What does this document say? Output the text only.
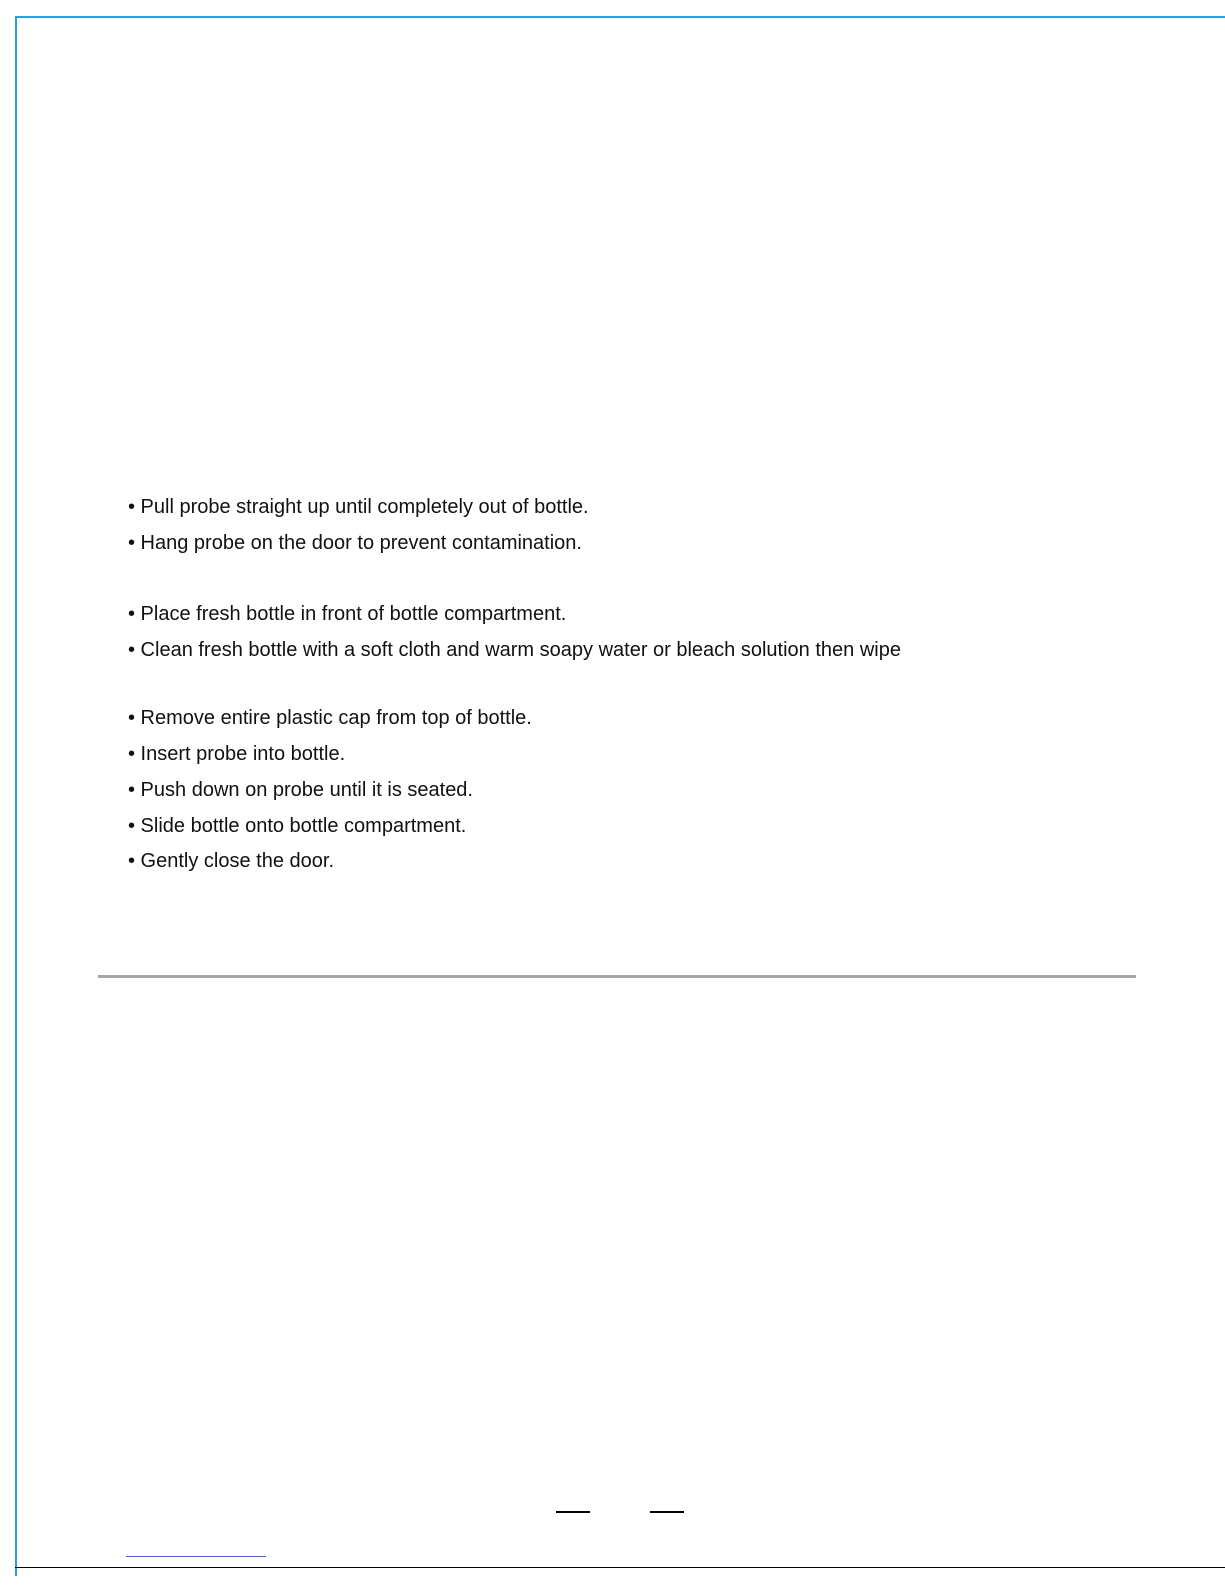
• Pull probe straight up until completely out of bottle.
• Hang probe on the door to prevent contamination.
• Place fresh bottle in front of bottle compartment.
• Clean fresh bottle with a soft cloth and warm soapy water or bleach solution then wipe
• Remove entire plastic cap from top of bottle.
• Insert probe into bottle.
• Push down on probe until it is seated.
• Slide bottle onto bottle compartment.
• Gently close the door.
